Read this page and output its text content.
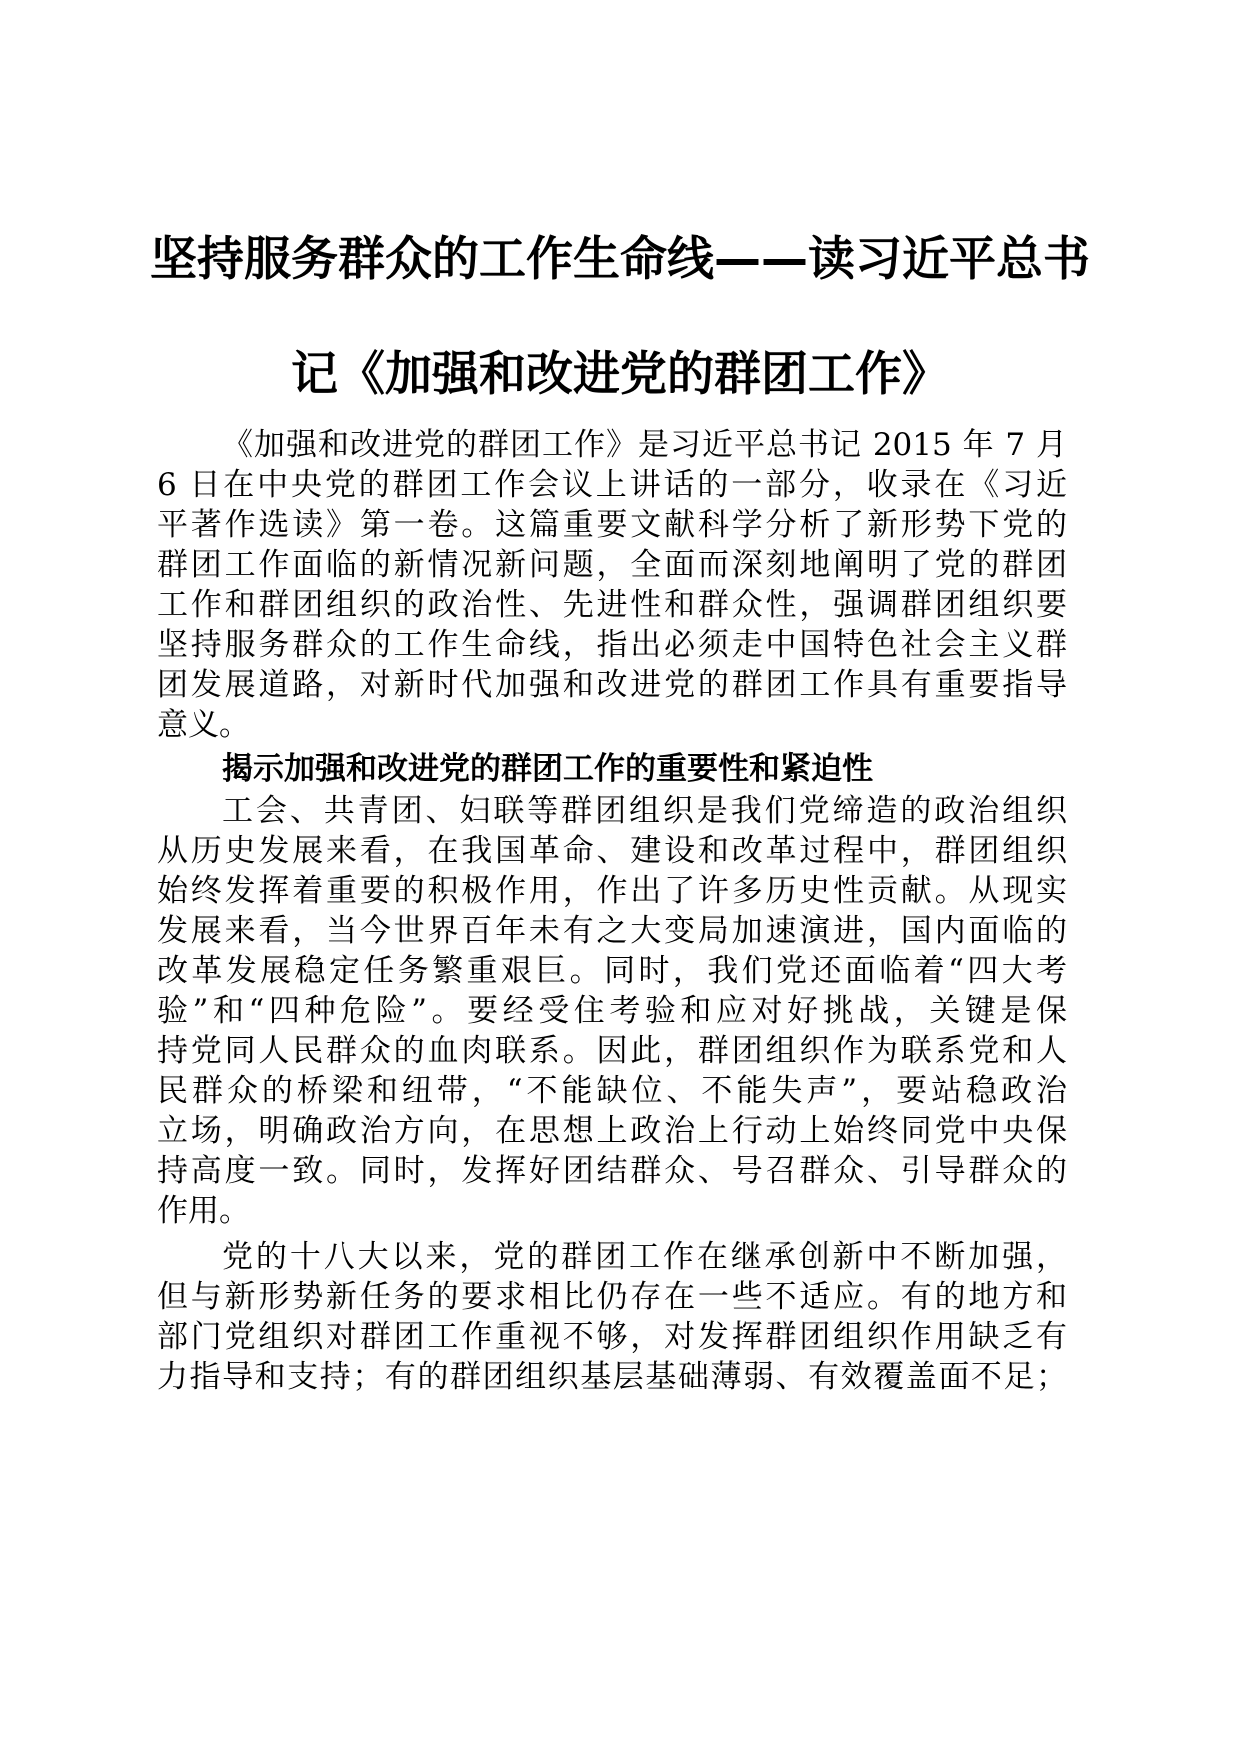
坚持服务群众的工作生命线——读习近平总书
记《加强和改进党的群团工作》

《加强和改进党的群团工作》是习近平总书记 2015 年 7 月

6 日在中央党的群团工作会议上讲话的一部分，收录在《习近

平著作选读》第一卷。这篇重要文献科学分析了新形势下党的

群团工作面临的新情况新问题，全面而深刻地阐明了党的群团

工作和群团组织的政治性、先进性和群众性，强调群团组织要

坚持服务群众的工作生命线，指出必须走中国特色社会主义群

团发展道路，对新时代加强和改进党的群团工作具有重要指导

意义。

揭示加强和改进党的群团工作的重要性和紧迫性

工会、共青团、妇联等群团组织是我们党缔造的政治组织

从历史发展来看，在我国革命、建设和改革过程中，群团组织

始终发挥着重要的积极作用，作出了许多历史性贡献。从现实

发展来看，当今世界百年未有之大变局加速演进，国内面临的

改革发展稳定任务繁重艰巨。同时，我们党还面临着“四大考

验”和“四种危险”。要经受住考验和应对好挑战，关键是保

持党同人民群众的血肉联系。因此，群团组织作为联系党和人

民群众的桥梁和纽带，“不能缺位、不能失声”，要站稳政治

立场，明确政治方向，在思想上政治上行动上始终同党中央保

持高度一致。同时，发挥好团结群众、号召群众、引导群众的

作用。

党的十八大以来，党的群团工作在继承创新中不断加强，

但与新形势新任务的要求相比仍存在一些不适应。有的地方和

部门党组织对群团工作重视不够，对发挥群团组织作用缺乏有

力指导和支持；有的群团组织基层基础薄弱、有效覆盖面不足；
